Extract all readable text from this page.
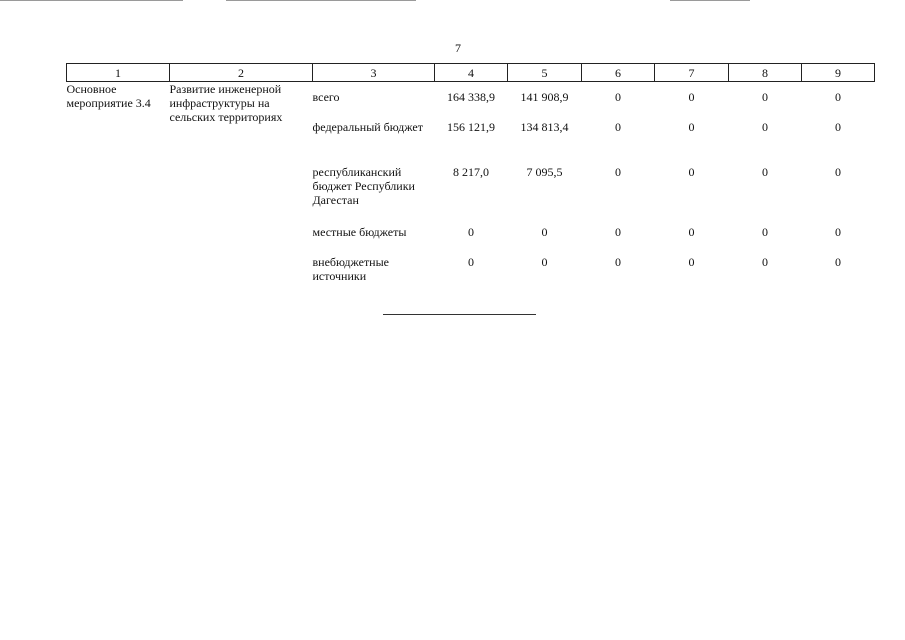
7
1	2	3	4	5	6	7	8	9
Основное мероприятие 3.4	Развитие инженерной инфраструктуры на сельских территориях	всего	164 338,9	141 908,9	0	0	0	0
		федеральный бюджет	156 121,9	134 813,4	0	0	0	0
		республиканский бюджет Республики Дагестан	8 217,0	7 095,5	0	0	0	0
		местные бюджеты	0	0	0	0	0	0
		внебюджетные источники	0	0	0	0	0	0
